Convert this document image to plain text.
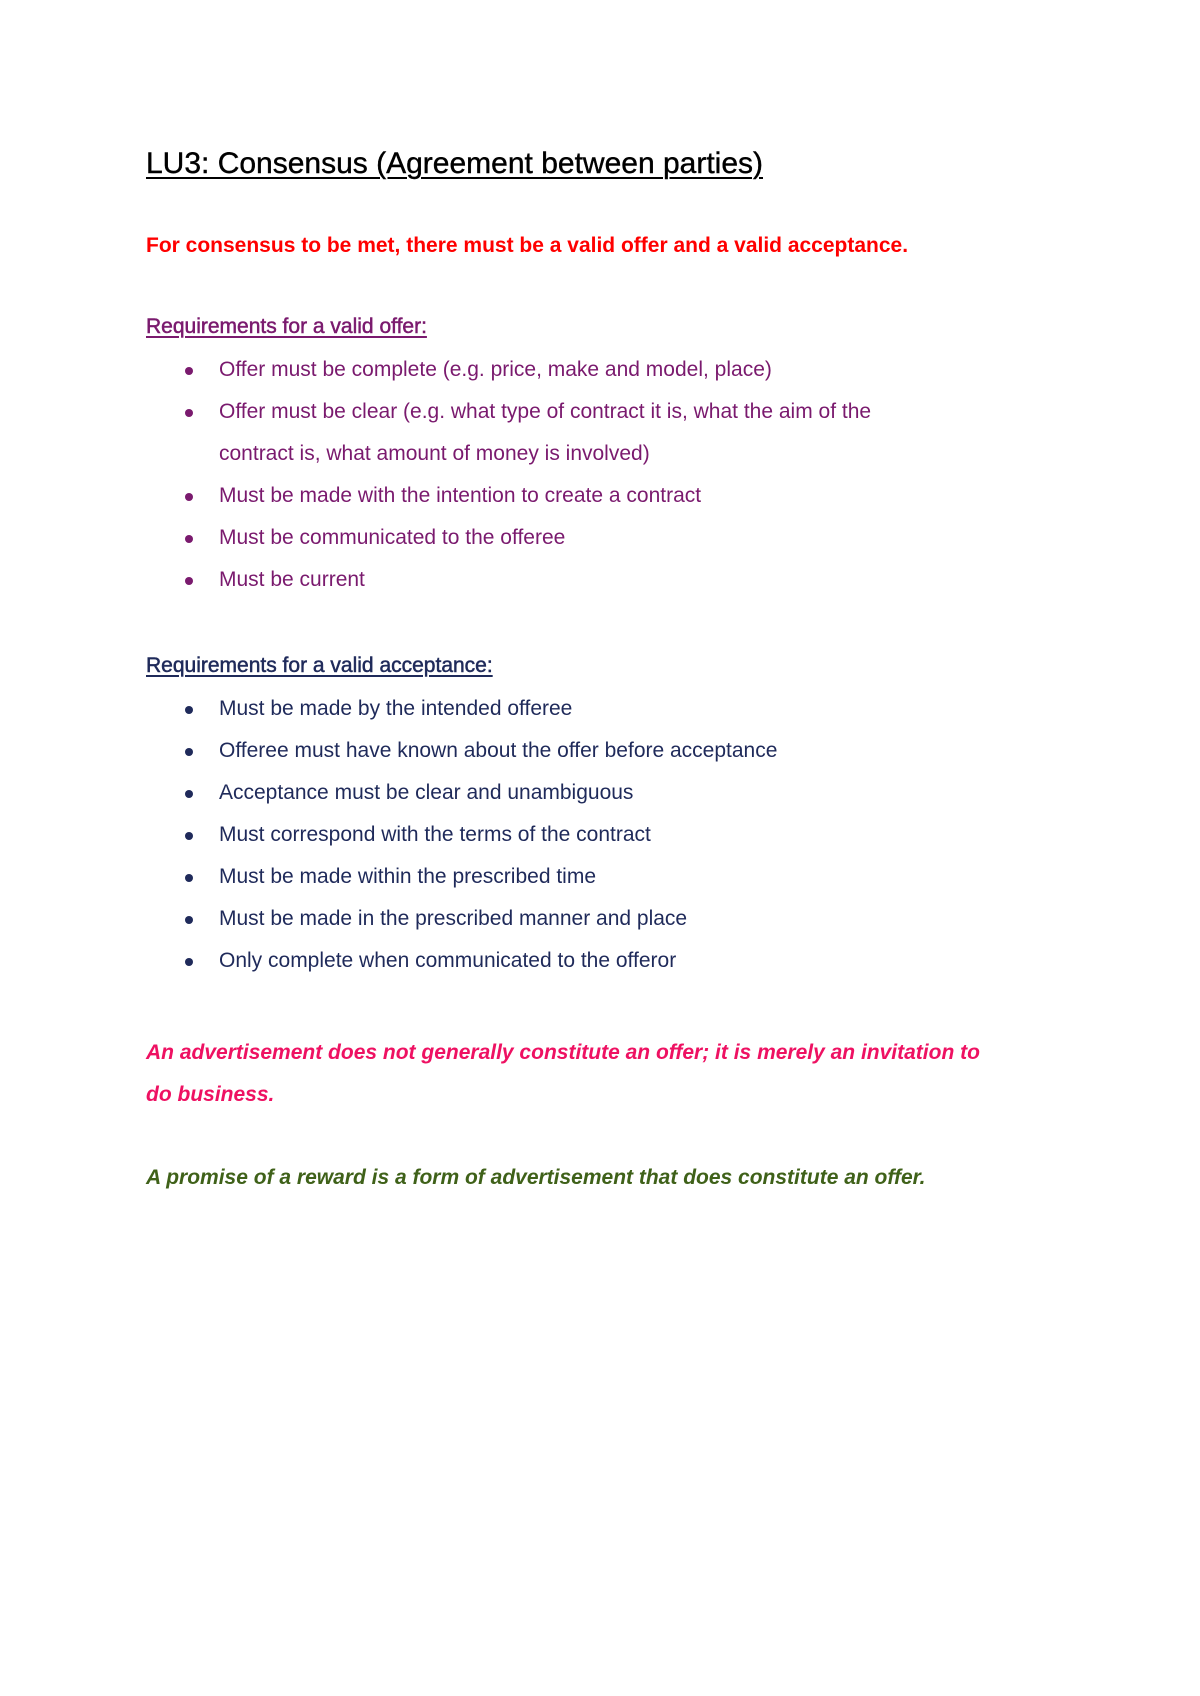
LU3: Consensus (Agreement between parties)

For consensus to be met, there must be a valid offer and a valid acceptance.

Requirements for a valid offer:

Offer must be complete (e.g. price, make and model, place)
Offer must be clear (e.g. what type of contract it is, what the aim of the contract is, what amount of money is involved)
Must be made with the intention to create a contract
Must be communicated to the offeree
Must be current

Requirements for a valid acceptance:

Must be made by the intended offeree
Offeree must have known about the offer before acceptance
Acceptance must be clear and unambiguous
Must correspond with the terms of the contract
Must be made within the prescribed time
Must be made in the prescribed manner and place
Only complete when communicated to the offeror

An advertisement does not generally constitute an offer; it is merely an invitation to do business.

A promise of a reward is a form of advertisement that does constitute an offer.
